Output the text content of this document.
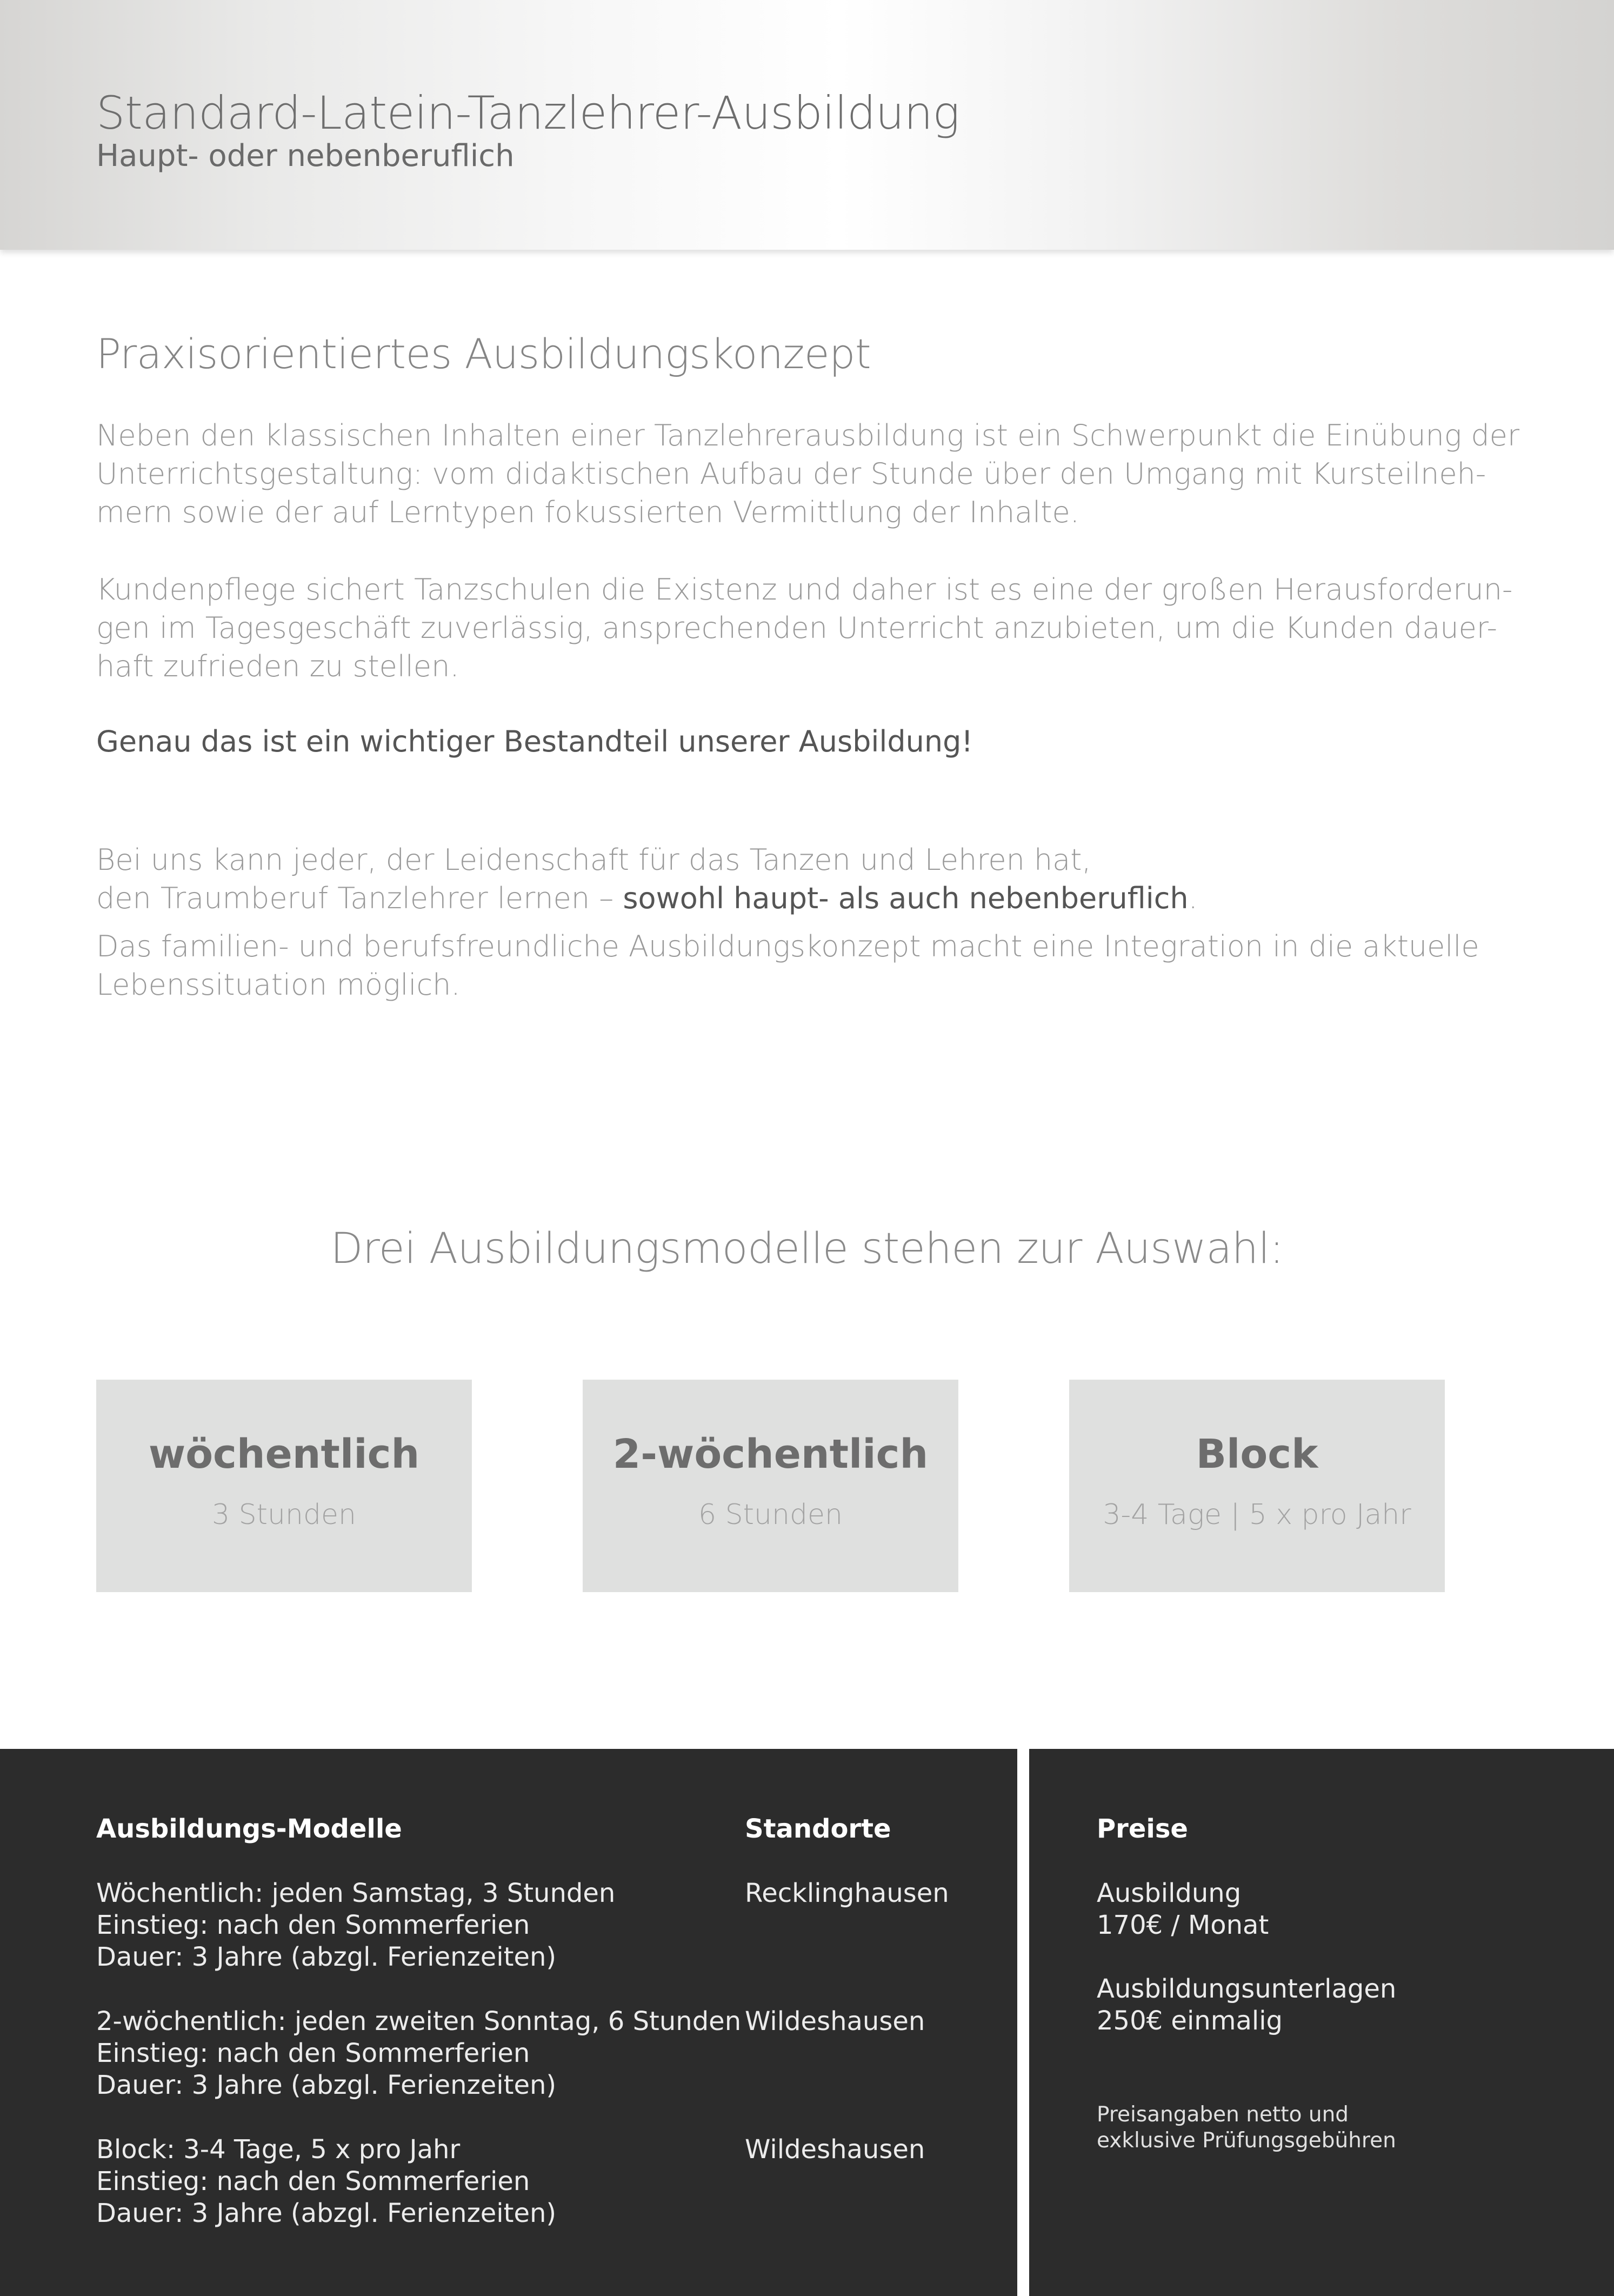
Standard-Latein-Tanzlehrer-Ausbildung
Haupt- oder nebenberuflich
Praxisorientiertes Ausbildungskonzept

Neben den klassischen Inhalten einer Tanzlehrerausbildung ist ein Schwerpunkt die Einübung der
Unterrichtsgestaltung: vom didaktischen Aufbau der Stunde über den Umgang mit Kursteilneh-
mern sowie der auf Lerntypen fokussierten Vermittlung der Inhalte.

Kundenpflege sichert Tanzschulen die Existenz und daher ist es eine der großen Herausforderun-
gen im Tagesgeschäft zuverlässig, ansprechenden Unterricht anzubieten, um die Kunden dauer-
haft zufrieden zu stellen.

Genau das ist ein wichtiger Bestandteil unserer Ausbildung!

Bei uns kann jeder, der Leidenschaft für das Tanzen und Lehren hat,
den Traumberuf Tanzlehrer lernen – sowohl haupt- als auch nebenberuflich.

Das familien- und berufsfreundliche Ausbildungskonzept macht eine Integration in die aktuelle
Lebenssituation möglich.

Drei Ausbildungsmodelle stehen zur Auswahl:
wöchentlich
3 Stunden
2-wöchentlich
6 Stunden
Block
3-4 Tage | 5 x pro Jahr
Ausbildungs-Modelle	Standorte	Preise
Wöchentlich: jeden Samstag, 3 Stunden
Einstieg: nach den Sommerferien
Dauer: 3 Jahre (abzgl. Ferienzeiten)
Recklinghausen
2-wöchentlich: jeden zweiten Sonntag, 6 Stunden
Einstieg: nach den Sommerferien
Dauer: 3 Jahre (abzgl. Ferienzeiten)
Wildeshausen
Block: 3-4 Tage, 5 x pro Jahr
Einstieg: nach den Sommerferien
Dauer: 3 Jahre (abzgl. Ferienzeiten)
Wildeshausen
Ausbildung
170€ / Monat
Ausbildungsunterlagen
250€ einmalig
Preisangaben netto und
exklusive Prüfungsgebühren
